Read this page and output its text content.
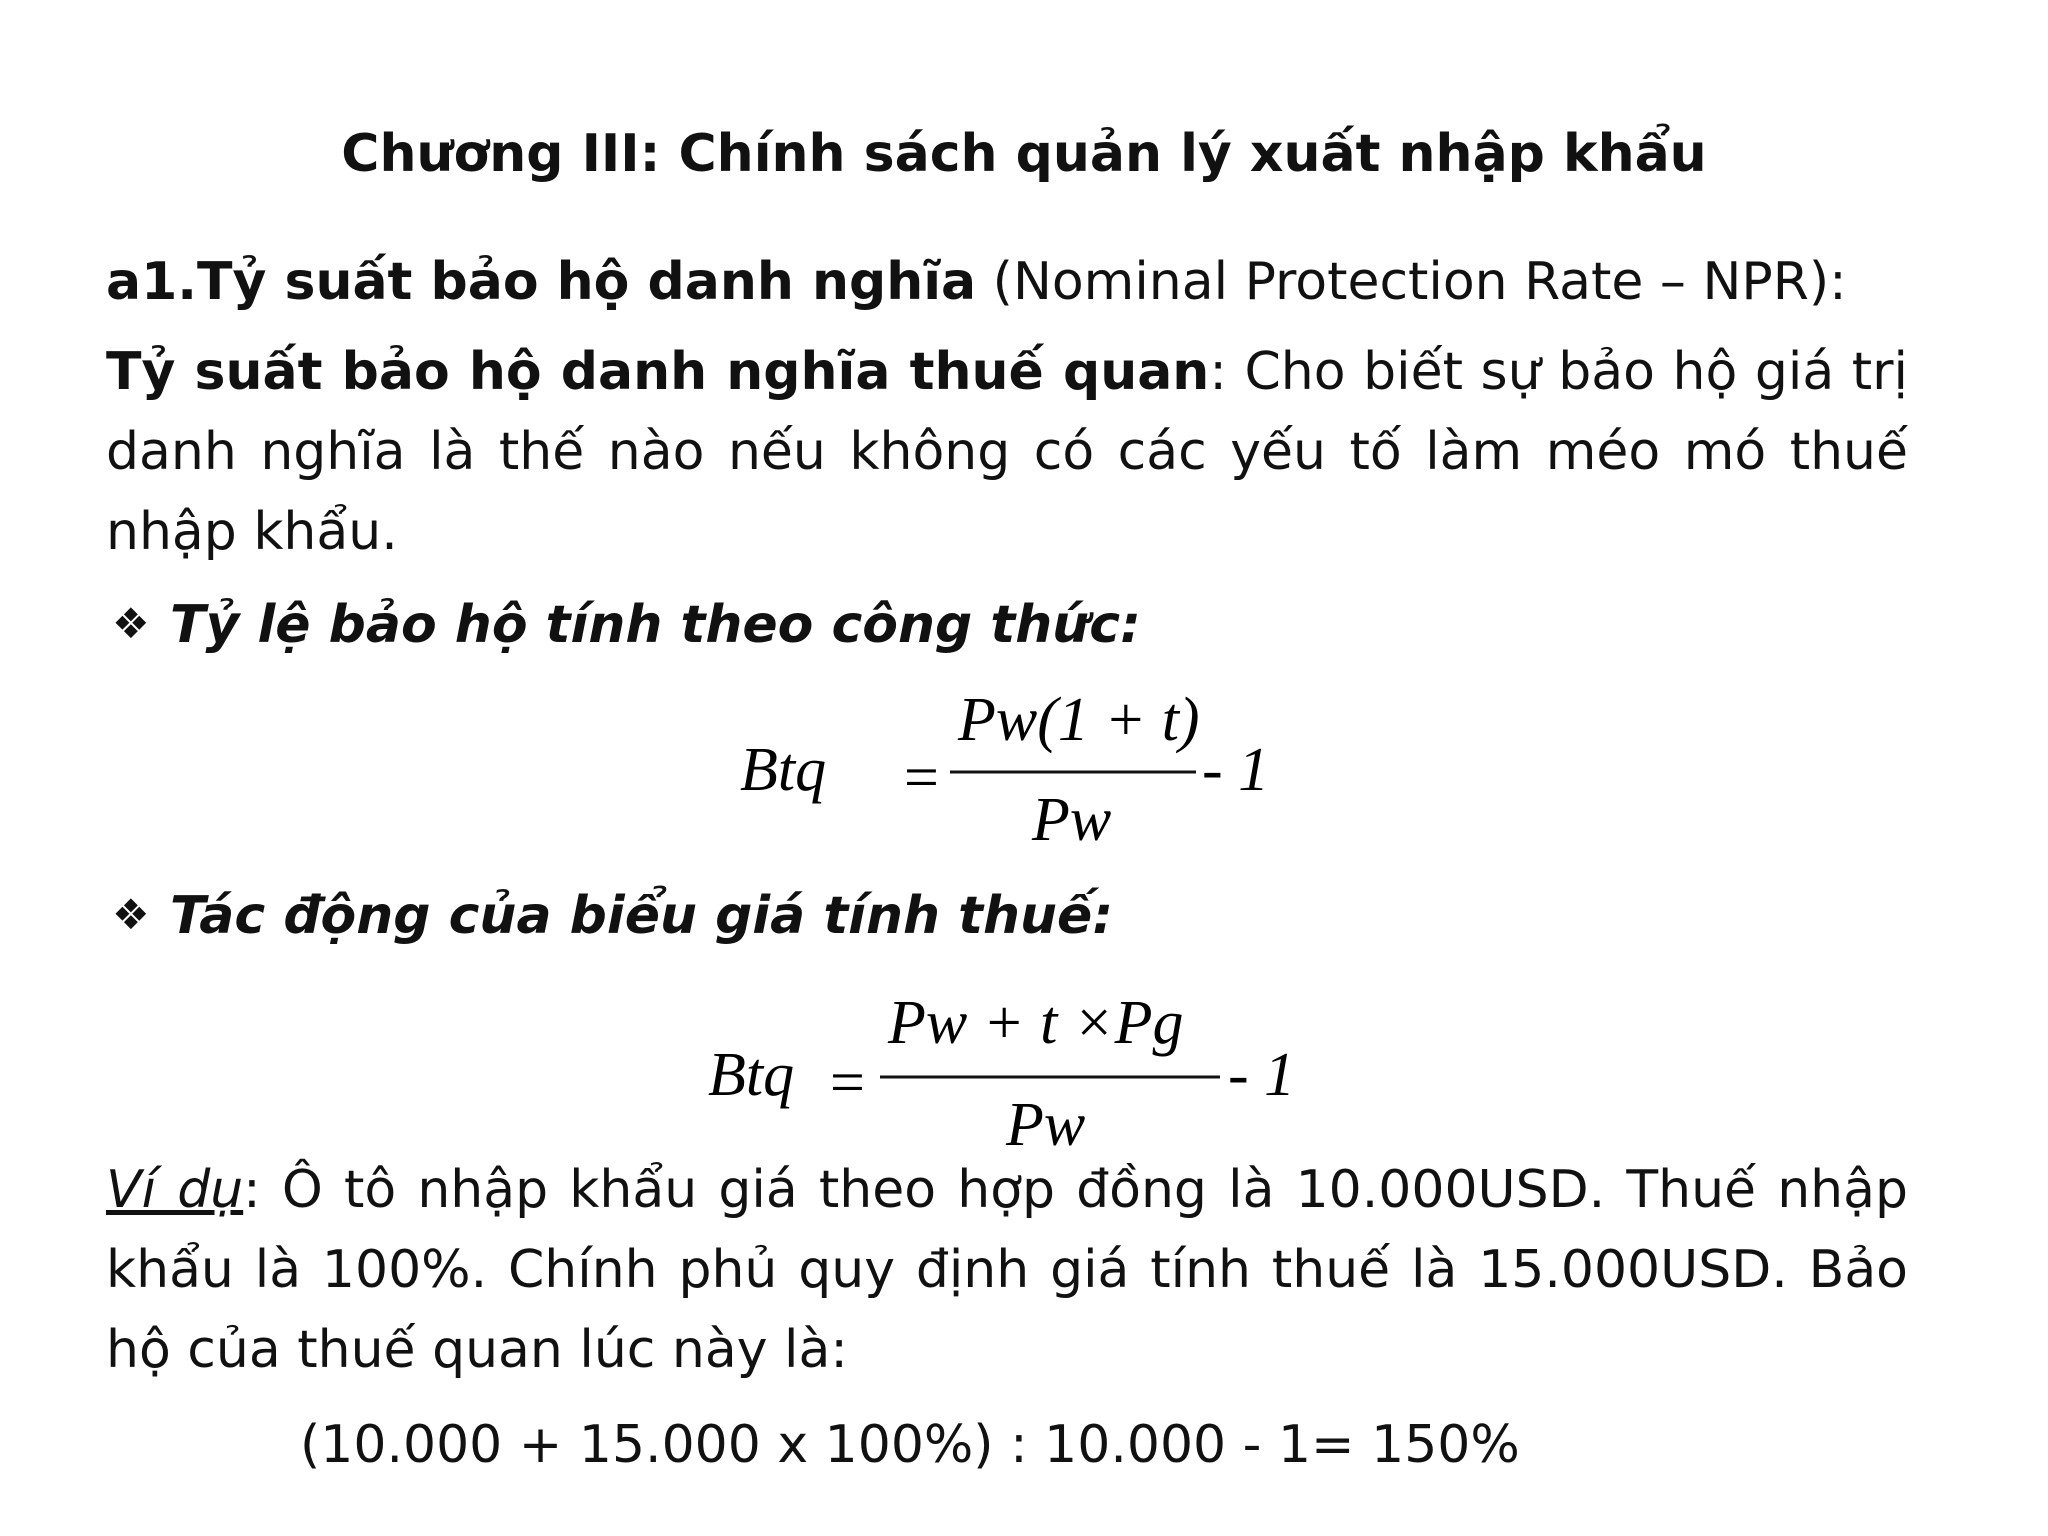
Chương III: Chính sách quản lý xuất nhập khẩu
a1.Tỷ suất bảo hộ danh nghĩa (Nominal Protection Rate – NPR):
Tỷ suất bảo hộ danh nghĩa thuế quan: Cho biết sự bảo hộ giá trị danh nghĩa là thế nào nếu không có các yếu tố làm méo mó thuế nhập khẩu.
❖ Tỷ lệ bảo hộ tính theo công thức:
Btq =
Pw(1 + t)
Pw
- 1
❖ Tác động của biểu giá tính thuế:
Btq =
Pw + t ×Pg
Pw
- 1
Ví dụ: Ô tô nhập khẩu giá theo hợp đồng là 10.000USD. Thuế nhập khẩu là 100%. Chính phủ quy định giá tính thuế là 15.000USD. Bảo hộ của thuế quan lúc này là:
(10.000 + 15.000 x 100%) : 10.000 - 1= 150%
